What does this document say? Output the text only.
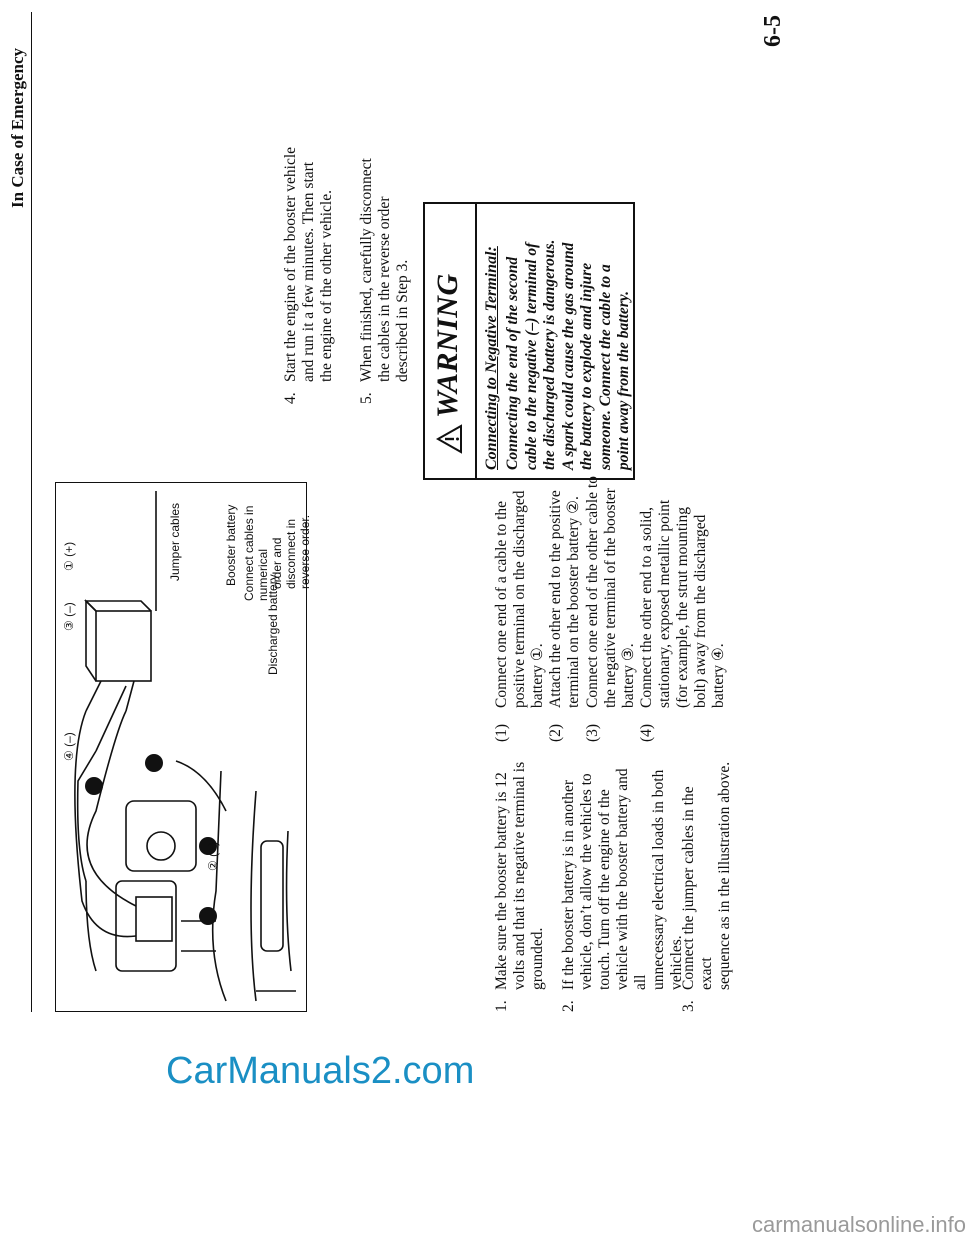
In Case of Emergency
6-5
④ (–)
① (+)
② (+)
③ (–)
Jumper cables	Booster battery
Discharged battery
Connect cables in numerical order and disconnect in reverse order.
1.
Make sure the booster battery is 12 volts and that its negative terminal is grounded.
2.
If the booster battery is in another vehicle, don’t allow the vehicles to touch. Turn off the engine of the vehicle with the booster battery and all unnecessary electrical loads in both vehicles.
3.
Connect the jumper cables in the exact sequence as in the illustration above.
(1)
Connect one end of a cable to the positive terminal on the discharged battery ①.
(2)
Attach the other end to the positive terminal on the booster battery ②.
(3)
Connect one end of the other cable to the negative terminal of the booster battery ③.
(4)
Connect the other end to a solid, stationary, exposed metallic point (for example, the strut mounting bolt) away from the discharged battery ④.
4.
Start the engine of the booster vehicle and run it a few minutes. Then start the engine of the other vehicle.
5.
When finished, carefully disconnect the cables in the reverse order described in Step 3. WARNING Connecting to Negative Terminal: Connecting the end of the second cable to the negative (–) terminal of the discharged battery is dangerous. A spark could cause the gas around the battery to explode and injure someone. Connect the cable to a point away from the battery.
CarManuals2.com
carmanualsonline.info
